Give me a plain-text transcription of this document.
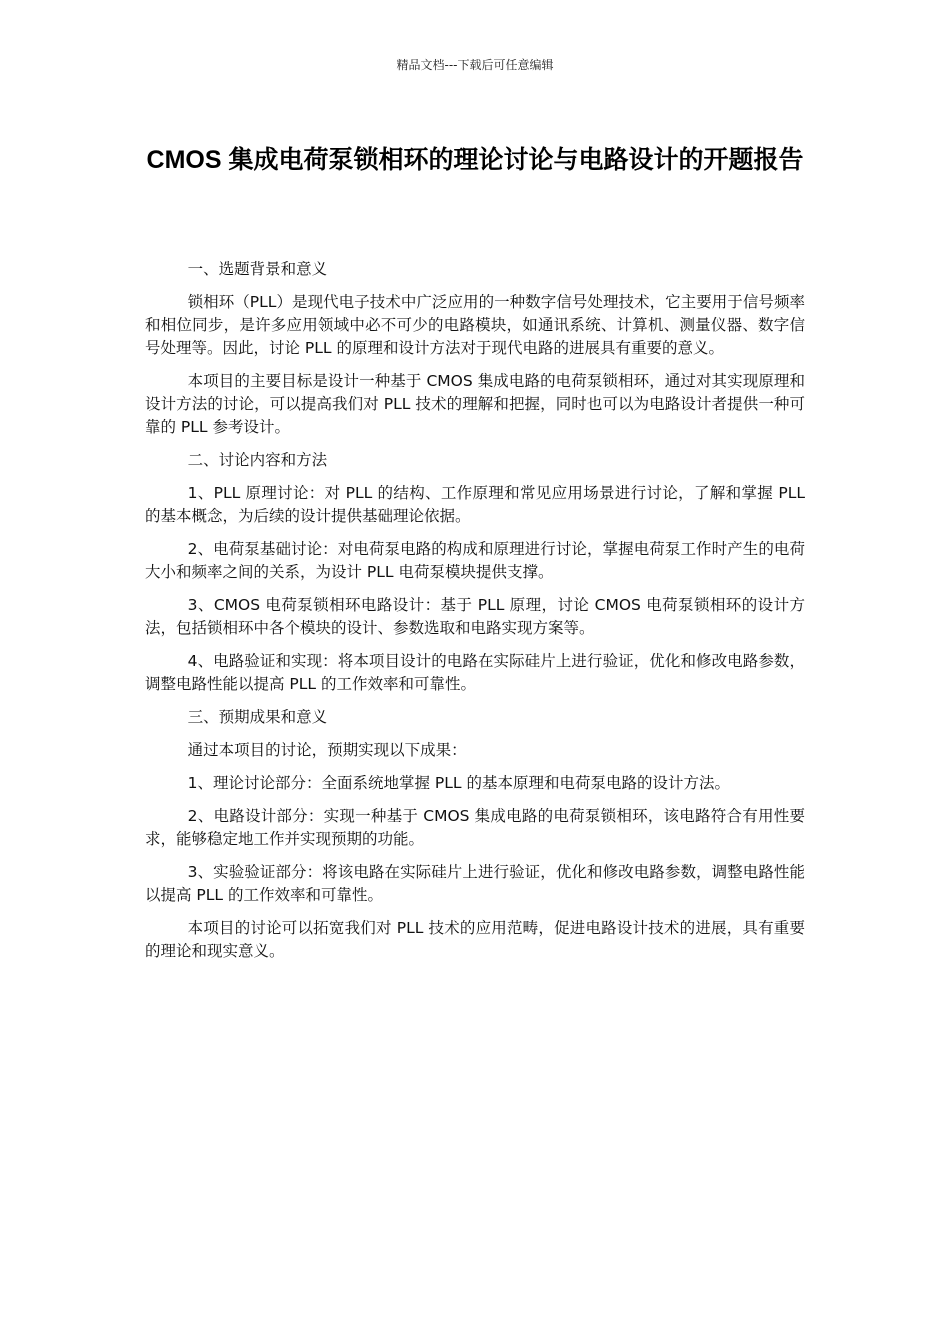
精品文档---下载后可任意编辑
CMOS 集成电荷泵锁相环的理论讨论与电路设计的开题报告

一、选题背景和意义

锁相环（PLL）是现代电子技术中广泛应用的一种数字信号处理技术，它主要用于信号频率和相位同步，是许多应用领域中必不可少的电路模块，如通讯系统、计算机、测量仪器、数字信号处理等。因此，讨论 PLL 的原理和设计方法对于现代电路的进展具有重要的意义。

本项目的主要目标是设计一种基于 CMOS 集成电路的电荷泵锁相环，通过对其实现原理和设计方法的讨论，可以提高我们对 PLL 技术的理解和把握，同时也可以为电路设计者提供一种可靠的 PLL 参考设计。

二、讨论内容和方法

1、PLL 原理讨论：对 PLL 的结构、工作原理和常见应用场景进行讨论，了解和掌握 PLL 的基本概念，为后续的设计提供基础理论依据。

2、电荷泵基础讨论：对电荷泵电路的构成和原理进行讨论，掌握电荷泵工作时产生的电荷大小和频率之间的关系，为设计 PLL 电荷泵模块提供支撑。

3、CMOS 电荷泵锁相环电路设计：基于 PLL 原理，讨论 CMOS 电荷泵锁相环的设计方法，包括锁相环中各个模块的设计、参数选取和电路实现方案等。

4、电路验证和实现：将本项目设计的电路在实际硅片上进行验证，优化和修改电路参数，调整电路性能以提高 PLL 的工作效率和可靠性。

三、预期成果和意义

通过本项目的讨论，预期实现以下成果：

1、理论讨论部分：全面系统地掌握 PLL 的基本原理和电荷泵电路的设计方法。

2、电路设计部分：实现一种基于 CMOS 集成电路的电荷泵锁相环，该电路符合有用性要求，能够稳定地工作并实现预期的功能。

3、实验验证部分：将该电路在实际硅片上进行验证，优化和修改电路参数，调整电路性能以提高 PLL 的工作效率和可靠性。

本项目的讨论可以拓宽我们对 PLL 技术的应用范畴，促进电路设计技术的进展，具有重要的理论和现实意义。
